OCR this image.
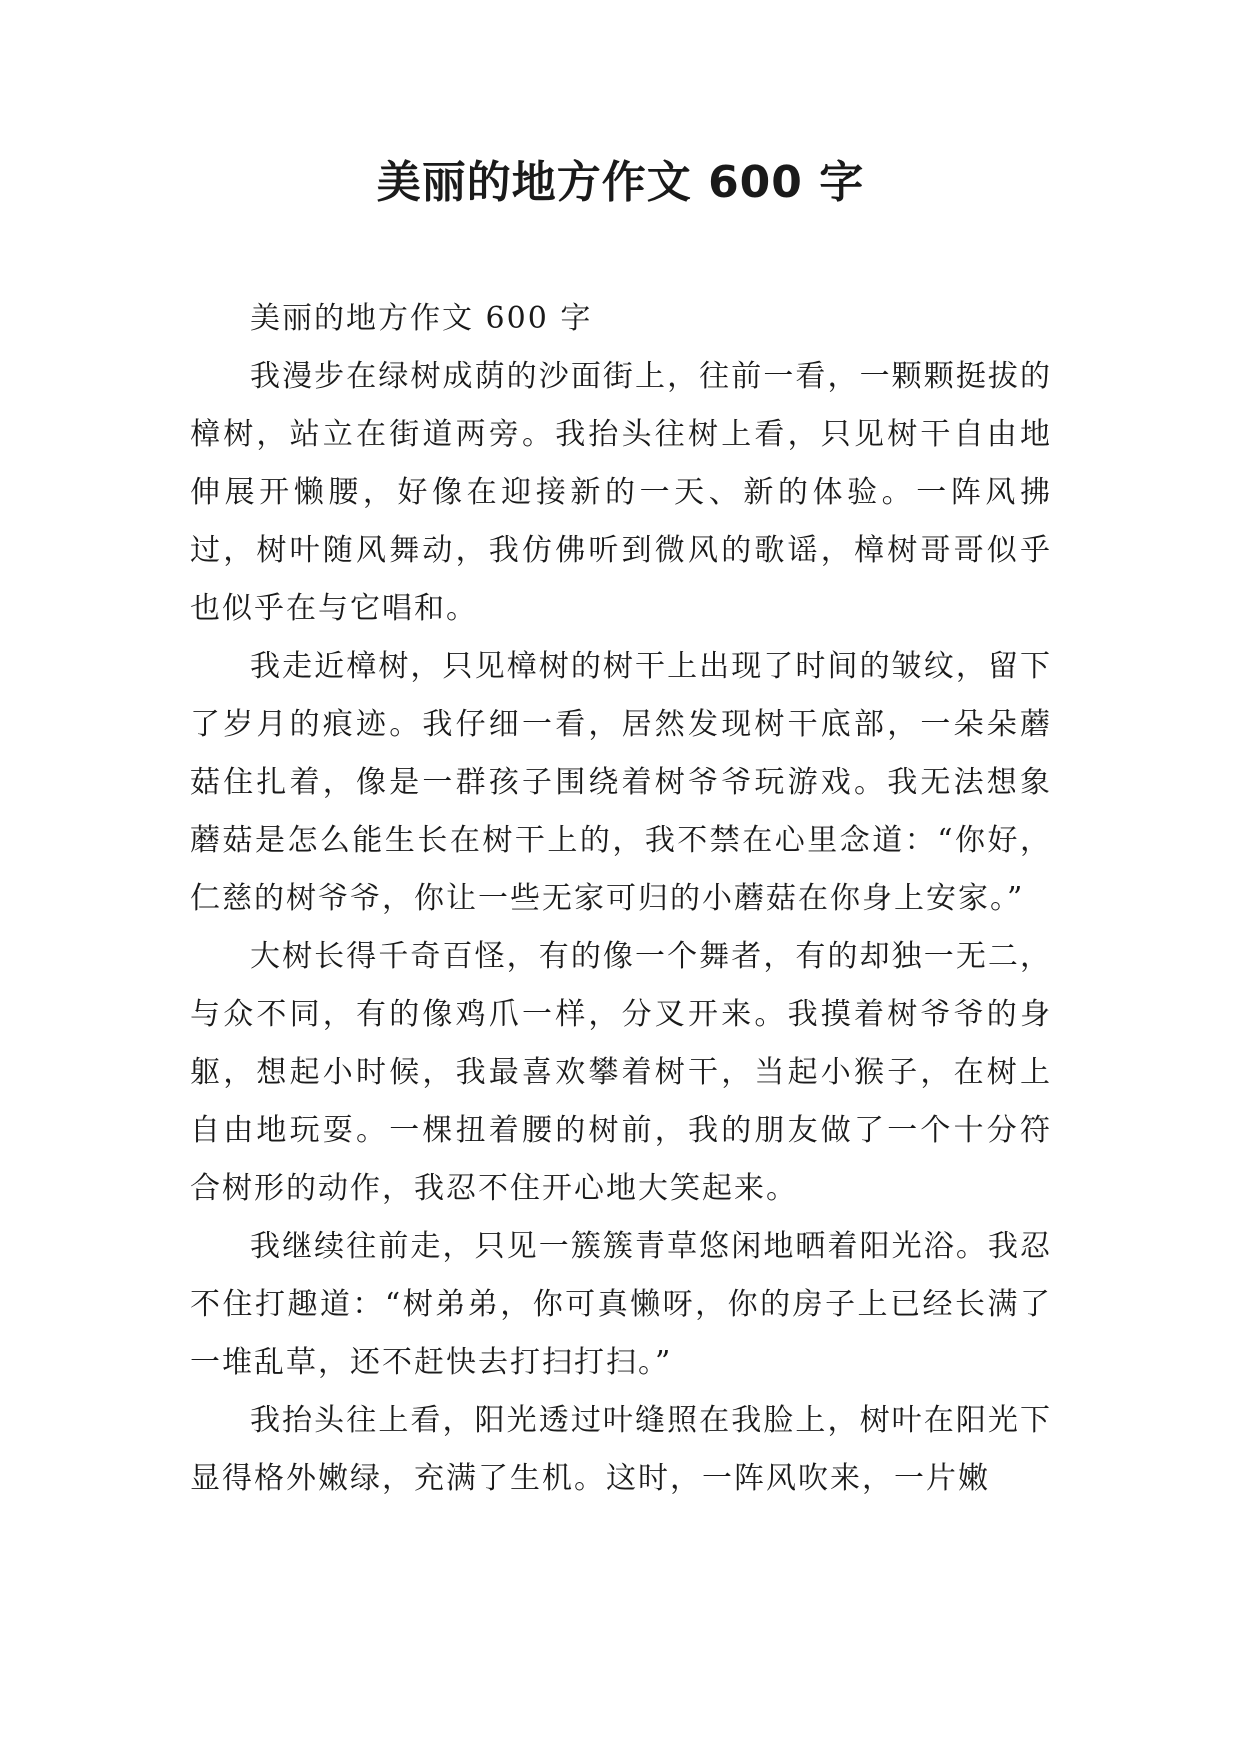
美丽的地方作文 600 字

美丽的地方作文 600 字

我漫步在绿树成荫的沙面街上，往前一看，一颗颗挺拔的樟树，站立在街道两旁。我抬头往树上看，只见树干自由地伸展开懒腰，好像在迎接新的一天、新的体验。一阵风拂过，树叶随风舞动，我仿佛听到微风的歌谣，樟树哥哥似乎也似乎在与它唱和。

我走近樟树，只见樟树的树干上出现了时间的皱纹，留下了岁月的痕迹。我仔细一看，居然发现树干底部，一朵朵蘑菇住扎着，像是一群孩子围绕着树爷爷玩游戏。我无法想象蘑菇是怎么能生长在树干上的，我不禁在心里念道：“你好，仁慈的树爷爷，你让一些无家可归的小蘑菇在你身上安家。”

大树长得千奇百怪，有的像一个舞者，有的却独一无二，与众不同，有的像鸡爪一样，分叉开来。我摸着树爷爷的身躯，想起小时候，我最喜欢攀着树干，当起小猴子，在树上自由地玩耍。一棵扭着腰的树前，我的朋友做了一个十分符合树形的动作，我忍不住开心地大笑起来。

我继续往前走，只见一簇簇青草悠闲地晒着阳光浴。我忍不住打趣道：“树弟弟，你可真懒呀，你的房子上已经长满了一堆乱草，还不赶快去打扫打扫。”

我抬头往上看，阳光透过叶缝照在我脸上，树叶在阳光下显得格外嫩绿，充满了生机。这时，一阵风吹来，一片嫩
